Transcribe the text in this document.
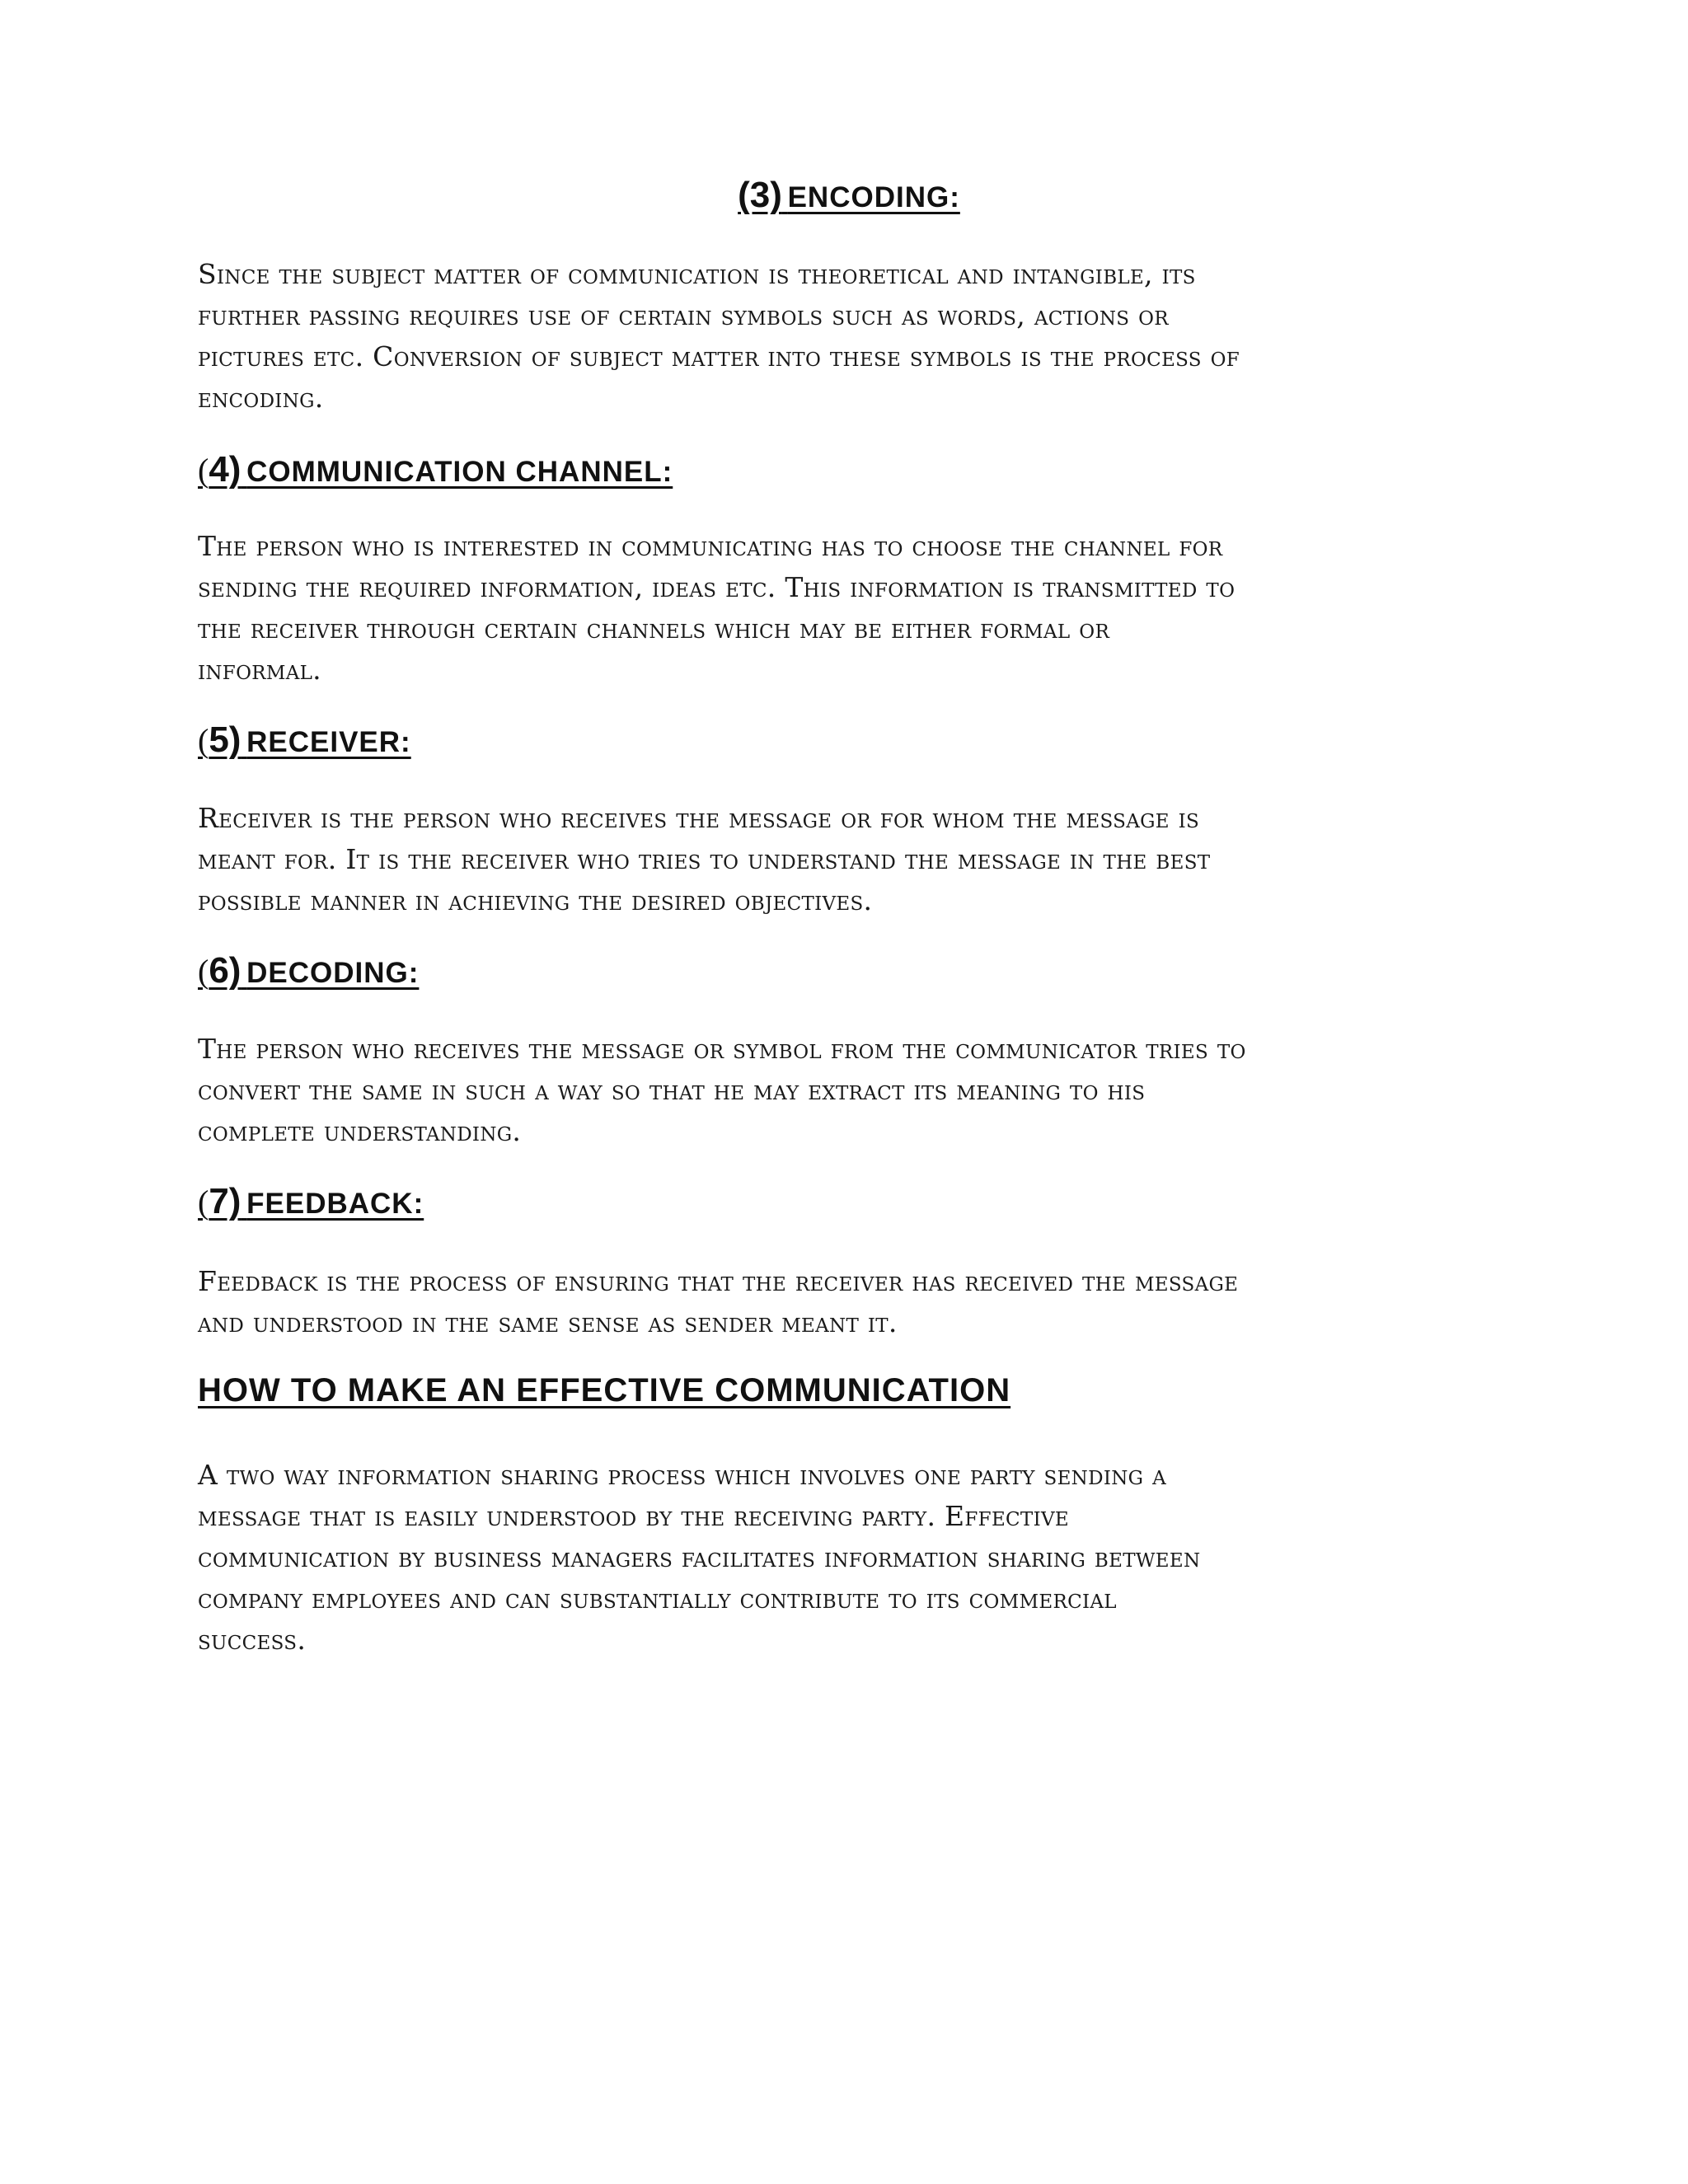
(3) ENCODING:

Since the subject matter of communication is theoretical and intangible, its
further passing requires use of certain symbols such as words, actions or
pictures etc. Conversion of subject matter into these symbols is the process of
encoding.

(4) COMMUNICATION CHANNEL:

The person who is interested in communicating has to choose the channel for
sending the required information, ideas etc. This information is transmitted to
the receiver through certain channels which may be either formal or
informal.

(5) RECEIVER:

Receiver is the person who receives the message or for whom the message is
meant for. It is the receiver who tries to understand the message in the best
possible manner in achieving the desired objectives.

(6) DECODING:

The person who receives the message or symbol from the communicator tries to
convert the same in such a way so that he may extract its meaning to his
complete understanding.

(7) FEEDBACK:

Feedback is the process of ensuring that the receiver has received the message
and understood in the same sense as sender meant it.

HOW TO MAKE AN EFFECTIVE COMMUNICATION

A two way information sharing process which involves one party sending a
message that is easily understood by the receiving party. Effective
communication by business managers facilitates information sharing between
company employees and can substantially contribute to its commercial
success.
